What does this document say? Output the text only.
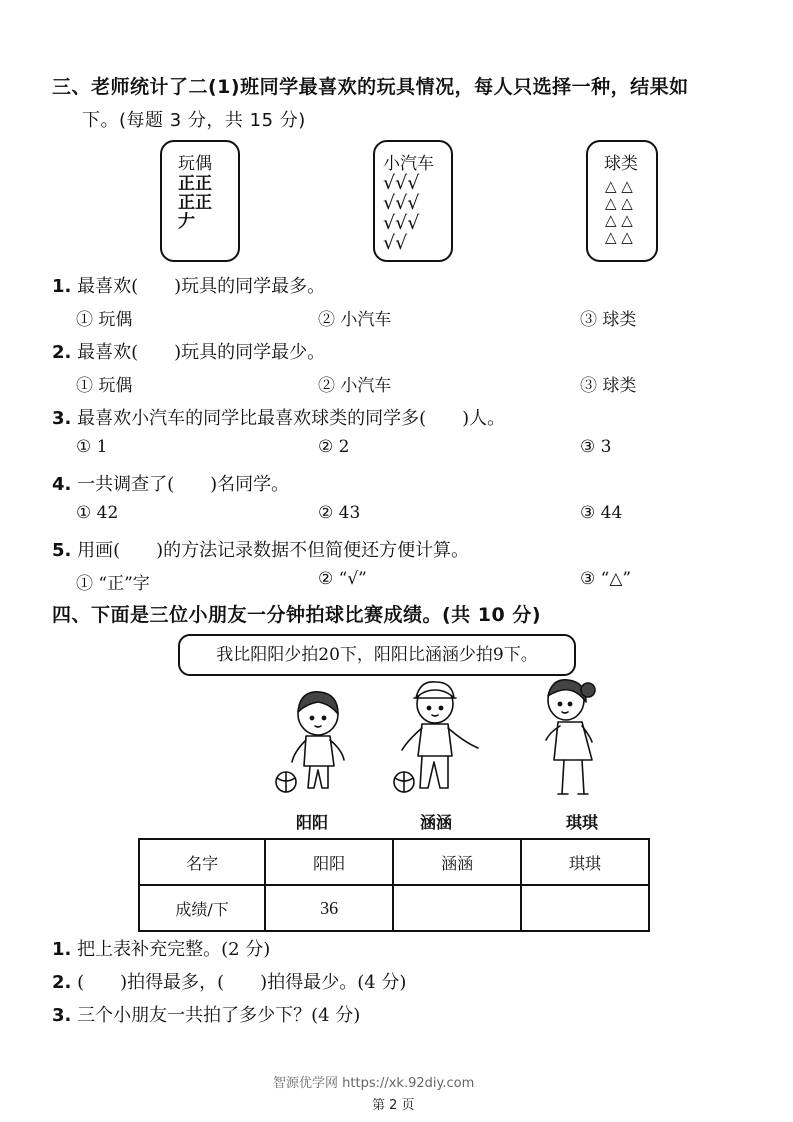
三、老师统计了二(1)班同学最喜欢的玩具情况，每人只选择一种，结果如
下。(每题 3 分，共 15 分)
玩偶
正正
正正
𠂇
小汽车
√√√
√√√
√√√
√√
球类
△ △
△ △
△ △
△ △
1. 最喜欢(　　)玩具的同学最多。
① 玩偶	② 小汽车	③ 球类
2. 最喜欢(　　)玩具的同学最少。
① 玩偶	② 小汽车	③ 球类
3. 最喜欢小汽车的同学比最喜欢球类的同学多(　　)人。
① 1	② 2	③ 3
4. 一共调查了(　　)名同学。
① 42	② 43	③ 44
5. 用画(　　)的方法记录数据不但简便还方便计算。
① “正”字	② “√”	③ “△”
四、下面是三位小朋友一分钟拍球比赛成绩。(共 10 分)
我比阳阳少拍20下，阳阳比涵涵少拍9下。
阳阳	涵涵	琪琪
名字	阳阳	涵涵	琪琪
成绩/下	36		
1. 把上表补充完整。(2 分)
2. (　　)拍得最多，(　　)拍得最少。(4 分)
3. 三个小朋友一共拍了多少下？(4 分)
智源优学网 https://xk.92diy.com
第 2 页
